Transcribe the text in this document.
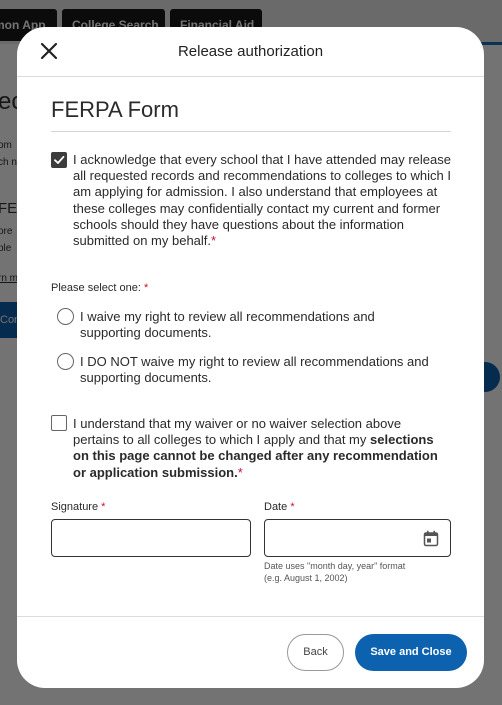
Release authorization
FERPA Form
I acknowledge that every school that I have attended may release all requested records and recommendations to colleges to which I am applying for admission. I also understand that employees at these colleges may confidentially contact my current and former schools should they have questions about the information submitted on my behalf.*
Please select one: *
I waive my right to review all recommendations and supporting documents.
I DO NOT waive my right to review all recommendations and supporting documents.
I understand that my waiver or no waiver selection above pertains to all colleges to which I apply and that my selections on this page cannot be changed after any recommendation or application submission.*
Signature *	Date *
Date uses "month day, year" format
(e.g. August 1, 2002)
Back	Save and Close
